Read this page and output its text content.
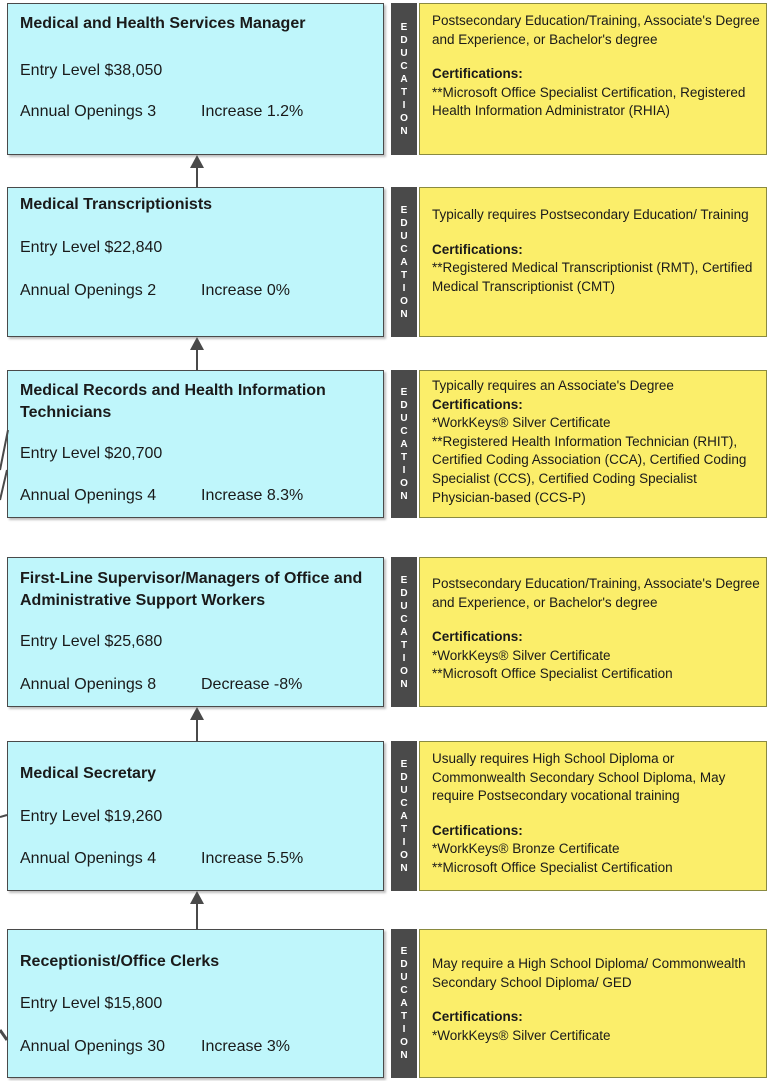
Medical and Health Services Manager
Entry Level $38,050
Annual Openings 3	Increase 1.2%
E
D
U
C
A
T
I
O
N
Postsecondary Education/Training, Associate's Degree and Experience, or Bachelor's degree
Certifications:
**Microsoft Office Specialist Certification, Registered Health Information Administrator (RHIA)
Medical Transcriptionists
Entry Level $22,840
Annual Openings 2	Increase 0%
E
D
U
C
A
T
I
O
N
Typically requires Postsecondary Education/ Training
Certifications:
**Registered Medical Transcriptionist (RMT), Certified Medical Transcriptionist (CMT)
Medical Records and Health Information Technicians
Entry Level $20,700
Annual Openings 4	Increase 8.3%
E
D
U
C
A
T
I
O
N
Typically requires an Associate's Degree
Certifications:
*WorkKeys® Silver Certificate
**Registered Health Information Technician (RHIT), Certified Coding Association (CCA), Certified Coding Specialist (CCS), Certified Coding Specialist Physician-based (CCS-P)
First-Line Supervisor/Managers of Office and Administrative Support Workers
Entry Level $25,680
Annual Openings 8	Decrease -8%
E
D
U
C
A
T
I
O
N
Postsecondary Education/Training, Associate's Degree and Experience, or Bachelor's degree
Certifications:
*WorkKeys® Silver Certificate
**Microsoft Office Specialist Certification
Medical Secretary
Entry Level $19,260
Annual Openings 4	Increase 5.5%
E
D
U
C
A
T
I
O
N
Usually requires High School Diploma or Commonwealth Secondary School Diploma, May require Postsecondary vocational training
Certifications:
*WorkKeys® Bronze Certificate
**Microsoft Office Specialist Certification
Receptionist/Office Clerks
Entry Level $15,800
Annual Openings 30 Increase 3%
E
D
U
C
A
T
I
O
N
May require a High School Diploma/ Commonwealth Secondary School Diploma/ GED
Certifications:
*WorkKeys® Silver Certificate
